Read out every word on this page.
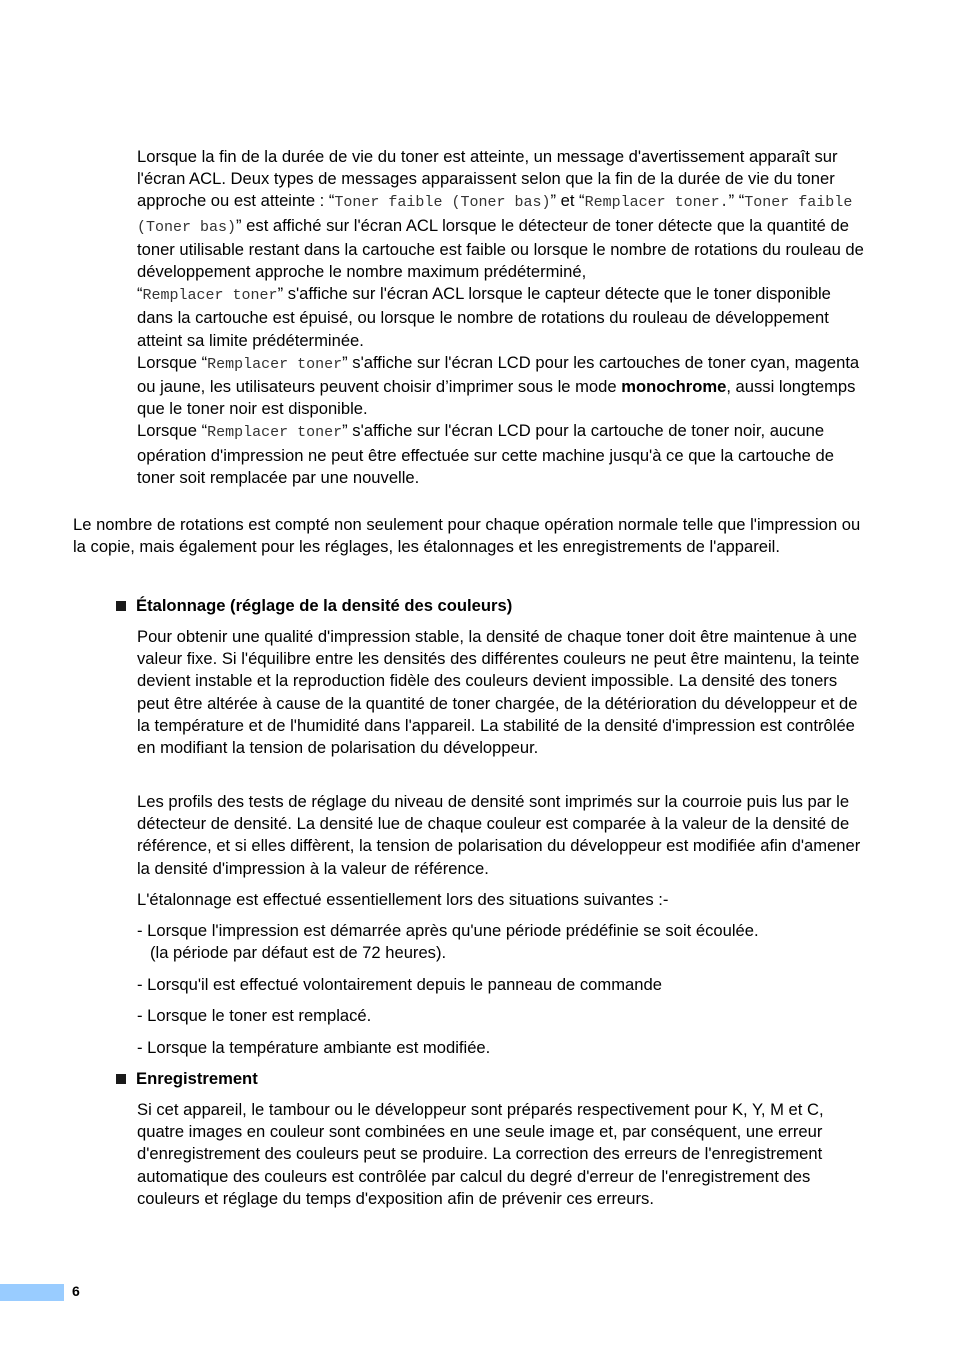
Lorsque la fin de la durée de vie du toner est atteinte, un message d'avertissement apparaît sur l'écran ACL. Deux types de messages apparaissent selon que la fin de la durée de vie du toner approche ou est atteinte : “Toner faible (Toner bas)” et “Remplacer toner.” “Toner faible (Toner bas)” est affiché sur l'écran ACL lorsque le détecteur de toner détecte que la quantité de toner utilisable restant dans la cartouche est faible ou lorsque le nombre de rotations du rouleau de développement approche le nombre maximum prédéterminé,

“Remplacer toner” s'affiche sur l'écran ACL lorsque le capteur détecte que le toner disponible dans la cartouche est épuisé, ou lorsque le nombre de rotations du rouleau de développement atteint sa limite prédéterminée.

Lorsque “Remplacer toner” s'affiche sur l'écran LCD pour les cartouches de toner cyan, magenta ou jaune, les utilisateurs peuvent choisir d’imprimer sous le mode monochrome, aussi longtemps que le toner noir est disponible.

Lorsque “Remplacer toner” s'affiche sur l'écran LCD pour la cartouche de toner noir, aucune opération d'impression ne peut être effectuée sur cette machine jusqu'à ce que la cartouche de toner soit remplacée par une nouvelle.

Le nombre de rotations est compté non seulement pour chaque opération normale telle que l'impression ou la copie, mais également pour les réglages, les étalonnages et les enregistrements de l'appareil.

Étalonnage (réglage de la densité des couleurs)

Pour obtenir une qualité d'impression stable, la densité de chaque toner doit être maintenue à une valeur fixe. Si l'équilibre entre les densités des différentes couleurs ne peut être maintenu, la teinte devient instable et la reproduction fidèle des couleurs devient impossible. La densité des toners peut être altérée à cause de la quantité de toner chargée, de la détérioration du développeur et de la température et de l'humidité dans l'appareil. La stabilité de la densité d'impression est contrôlée en modifiant la tension de polarisation du développeur.

Les profils des tests de réglage du niveau de densité sont imprimés sur la courroie puis lus par le détecteur de densité. La densité lue de chaque couleur est comparée à la valeur de la densité de référence, et si elles diffèrent, la tension de polarisation du développeur est modifiée afin d'amener la densité d'impression à la valeur de référence.

L'étalonnage est effectué essentiellement lors des situations suivantes :-

- Lorsque l'impression est démarrée après qu'une période prédéfinie se soit écoulée.

(la période par défaut est de 72 heures).

- Lorsqu'il est effectué volontairement depuis le panneau de commande

- Lorsque le toner est remplacé.

- Lorsque la température ambiante est modifiée.

Enregistrement

Si cet appareil, le tambour ou le développeur sont préparés respectivement pour K, Y, M et C, quatre images en couleur sont combinées en une seule image et, par conséquent, une erreur d'enregistrement des couleurs peut se produire. La correction des erreurs de l'enregistrement automatique des couleurs est contrôlée par calcul du degré d'erreur de l'enregistrement des couleurs et réglage du temps d'exposition afin de prévenir ces erreurs.

6
